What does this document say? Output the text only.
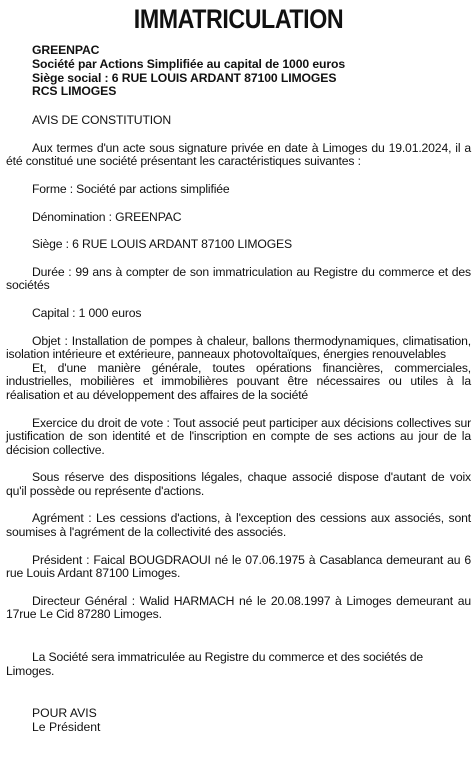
IMMATRICULATION
GREENPAC
Société par Actions Simplifiée au capital de 1000 euros
Siège social : 6 RUE LOUIS ARDANT 87100 LIMOGES
RCS LIMOGES

AVIS DE CONSTITUTION

Aux termes d'un acte sous signature privée en date à Limoges du 19.01.2024, il a été constitué une société présentant les caractéristiques suivantes :

Forme : Société par actions simplifiée

Dénomination : GREENPAC

Siège : 6 RUE LOUIS ARDANT 87100 LIMOGES

Durée : 99 ans à compter de son immatriculation au Registre du commerce et des sociétés

Capital : 1 000 euros

Objet : Installation de pompes à chaleur, ballons thermodynamiques, climatisation, isolation intérieure et extérieure, panneaux photovoltaïques, énergies renouvelables

Et, d'une manière générale, toutes opérations financières, commerciales, industrielles, mobilières et immobilières pouvant être nécessaires ou utiles à la réalisation et au développement des affaires de la société

Exercice du droit de vote : Tout associé peut participer aux décisions collectives sur justification de son identité et de l'inscription en compte de ses actions au jour de la décision collective.

Sous réserve des dispositions légales, chaque associé dispose d'autant de voix qu'il possède ou représente d'actions.

Agrément : Les cessions d'actions, à l'exception des cessions aux associés, sont soumises à l'agrément de la collectivité des associés.

Président : Faical BOUGDRAOUI né le 07.06.1975 à Casablanca demeurant au 6 rue Louis Ardant 87100 Limoges.

Directeur Général : Walid HARMACH né le 20.08.1997 à Limoges demeurant au 17rue Le Cid 87280 Limoges.

La Société sera immatriculée au Registre du commerce et des sociétés de Limoges.

POUR AVIS
Le Président
